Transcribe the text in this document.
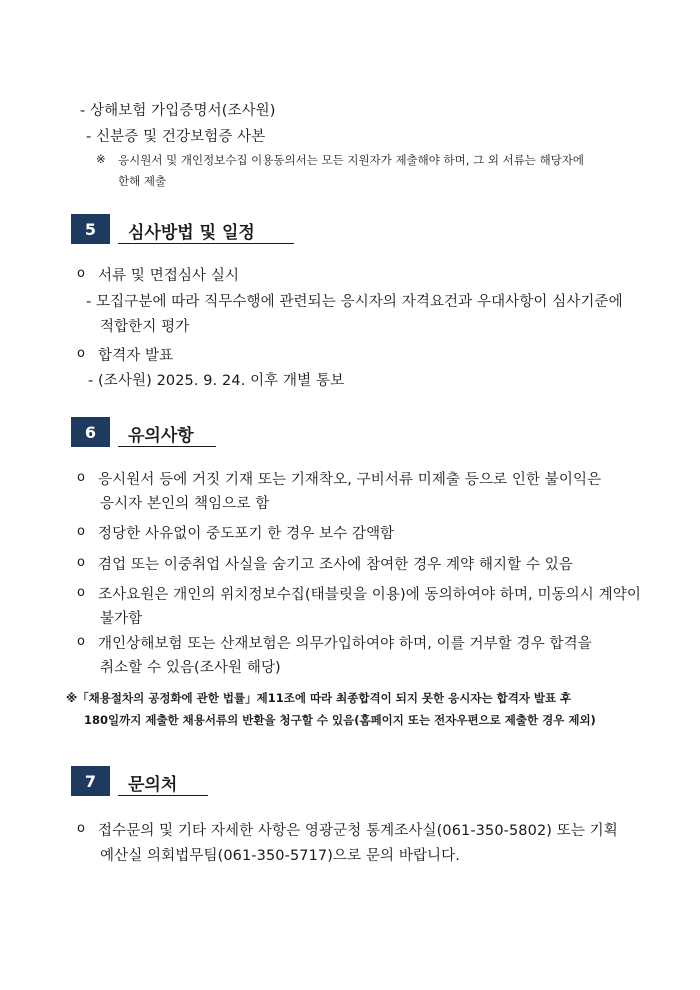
- 상해보험 가입증명서(조사원)
- 신분증 및 건강보험증 사본
※ 응시원서 및 개인정보수집 이용동의서는 모든 지원자가 제출해야 하며, 그 외 서류는 해당자에
한해 제출
5	심사방법 및 일정
o 서류 및 면접심사 실시
- 모집구분에 따라 직무수행에 관련되는 응시자의 자격요건과 우대사항이 심사기준에
적합한지 평가
o 합격자 발표
- (조사원) 2025. 9. 24. 이후 개별 통보
6	유의사항
o 응시원서 등에 거짓 기재 또는 기재착오, 구비서류 미제출 등으로 인한 불이익은
응시자 본인의 책임으로 함
o 정당한 사유없이 중도포기 한 경우 보수 감액함
o 겸업 또는 이중취업 사실을 숨기고 조사에 참여한 경우 계약 해지할 수 있음
o 조사요원은 개인의 위치정보수집(태블릿을 이용)에 동의하여야 하며, 미동의시 계약이
불가함
o 개인상해보험 또는 산재보험은 의무가입하여야 하며, 이를 거부할 경우 합격을
취소할 수 있음(조사원 해당)
※「채용절차의 공정화에 관한 법률」제11조에 따라 최종합격이 되지 못한 응시자는 합격자 발표 후
180일까지 제출한 채용서류의 반환을 청구할 수 있음(홈페이지 또는 전자우편으로 제출한 경우 제외)
7	문의처
o 접수문의 및 기타 자세한 사항은 영광군청 통계조사실(061-350-5802) 또는 기획
예산실 의회법무팀(061-350-5717)으로 문의 바랍니다.
